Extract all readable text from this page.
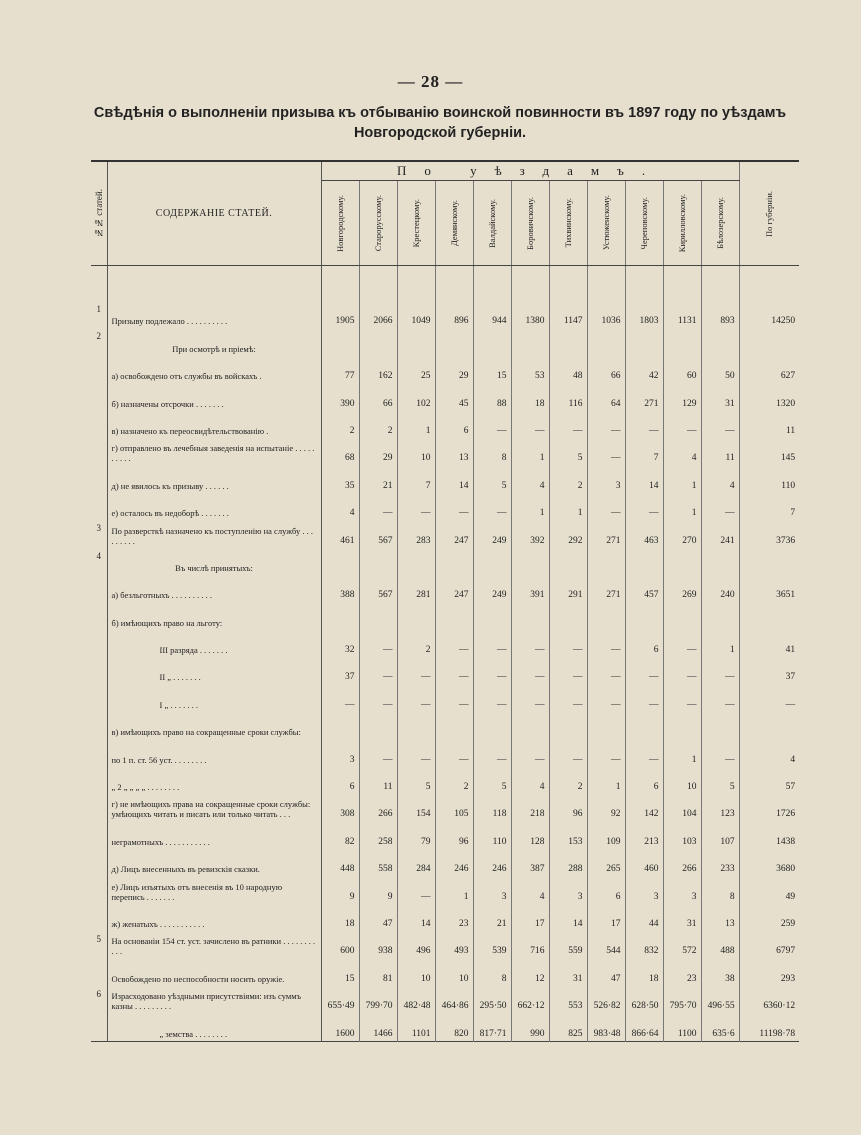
— 28 —
Свѣдѣнія о выполненіи призыва къ отбыванію воинской повинности въ 1897 году по уѣздамъ
Новгородской губерніи.
№№ статей.	СОДЕРЖАНІЕ СТАТЕЙ.	По уѣздамъ.											По губерніи.

		Новгородскому.	Старорусскому.	Крестецкому.	Демянскому.	Валдайскому.	Боровичскому.	Тихвинскому.	Устюженскому.	Череповскому.	Кирилловскому.	Бѣлозерскому.	

1	Призыву подлежало . . . . . . . . . .	1905	2066	1049	896	944	1380	1147	1036	1803	1131	893	14250
2	При осмотрѣ и пріемѣ:												
	а) освобождено отъ службы въ войскахъ .	77	162	25	29	15	53	48	66	42	60	50	627
	б) назначены отсрочки . . . . . . .	390	66	102	45	88	18	116	64	271	129	31	1320
	в) назначено къ переосвидѣтельствованію .	2	2	1	6	—	—	—	—	—	—	—	11
	г) отправлено въ лечебныя заведенія на испытаніе . . . . . . . . . .	68	29	10	13	8	1	5	—	7	4	11	145
	д) не явилось къ призыву . . . . . .	35	21	7	14	5	4	2	3	14	1	4	110
	е) осталось въ недоборѣ . . . . . . .	4	—	—	—	—	1	1	—	—	1	—	7
3	По разверсткѣ назначено къ поступленію на службу . . . . . . . . .	461	567	283	247	249	392	292	271	463	270	241	3736
4	Въ числѣ принятыхъ:												
	а) безльготныхъ . . . . . . . . . .	388	567	281	247	249	391	291	271	457	269	240	3651
	б) имѣющихъ право на льготу:												
	III разряда . . . . . . .	32	—	2	—	—	—	—	—	6	—	1	41
	II „ . . . . . . .	37	—	—	—	—	—	—	—	—	—	—	37
	I „ . . . . . . .	—	—	—	—	—	—	—	—	—	—	—	—
	в) имѣющихъ право на сокращенные сроки службы:												
	по 1 п. ст. 56 уст. . . . . . . . .	3	—	—	—	—	—	—	—	—	1	—	4
	„ 2 „ „ „ „ . . . . . . . .	6	11	5	2	5	4	2	1	6	10	5	57
	г) не имѣющихъ права на сокращенные сроки службы: умѣющихъ читать и писать или только читать . . .	308	266	154	105	118	218	96	92	142	104	123	1726
	неграмотныхъ . . . . . . . . . . .	82	258	79	96	110	128	153	109	213	103	107	1438
	д) Лицъ внесенныхъ въ ревизскія сказки.	448	558	284	246	246	387	288	265	460	266	233	3680
	е) Лицъ изъятыхъ отъ внесенія въ 10 народную перепись . . . . . . .	9	9	—	1	3	4	3	6	3	3	8	49
	ж) женатыхъ . . . . . . . . . . .	18	47	14	23	21	17	14	17	44	31	13	259
5	На основаніи 154 ст. уст. зачислено въ ратники . . . . . . . . . . .	600	938	496	493	539	716	559	544	832	572	488	6797
	Освобождено по неспособности носить оружіе.	15	81	10	10	8	12	31	47	18	23	38	293
6	Израсходовано уѣздными присутствіями: изъ суммъ казны . . . . . . . . .	655·49	799·70	482·48	464·86	295·50	662·12	553	526·82	628·50	795·70	496·55	6360·12
	„ земства . . . . . . . .	1600	1466	1101	820	817·71	990	825	983·48	866·64	1100	635·6	11198·78
